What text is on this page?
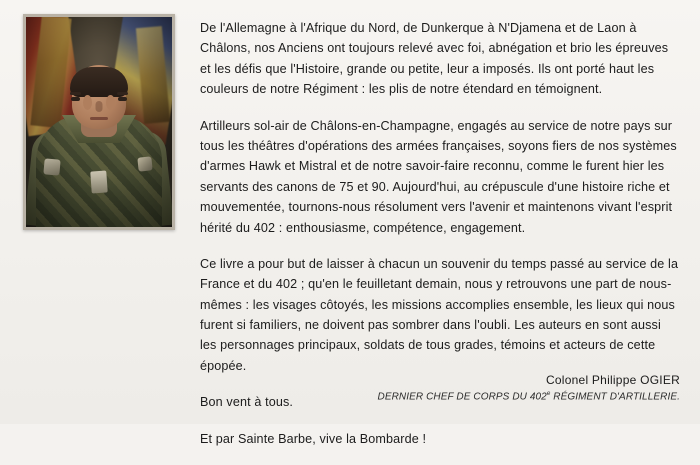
De l'Allemagne à l'Afrique du Nord, de Dunkerque à N'Djamena et de Laon à Châlons, nos Anciens ont toujours relevé avec foi, abnégation et brio les épreuves et les défis que l'Histoire, grande ou petite, leur a imposés. Ils ont porté haut les couleurs de notre Régiment : les plis de notre étendard en témoignent.

Artilleurs sol-air de Châlons-en-Champagne, engagés au service de notre pays sur tous les théâtres d'opérations des armées françaises, soyons fiers de nos systèmes d'armes Hawk et Mistral et de notre savoir-faire reconnu, comme le furent hier les servants des canons de 75 et 90. Aujourd'hui, au crépuscule d'une histoire riche et mouvementée, tournons-nous résolument vers l'avenir et maintenons vivant l'esprit hérité du 402 : enthousiasme, compétence, engagement.

Ce livre a pour but de laisser à chacun un souvenir du temps passé au service de la France et du 402 ; qu'en le feuilletant demain, nous y retrouvons une part de nous-mêmes : les visages côtoyés, les missions accomplies ensemble, les lieux qui nous furent si familiers, ne doivent pas sombrer dans l'oubli. Les auteurs en sont aussi les personnages principaux, soldats de tous grades, témoins et acteurs de cette épopée.

Bon vent à tous.

Et par Sainte Barbe, vive la Bombarde !

Colonel Philippe OGIER
DERNIER CHEF DE CORPS DU 402e RÉGIMENT D'ARTILLERIE.
